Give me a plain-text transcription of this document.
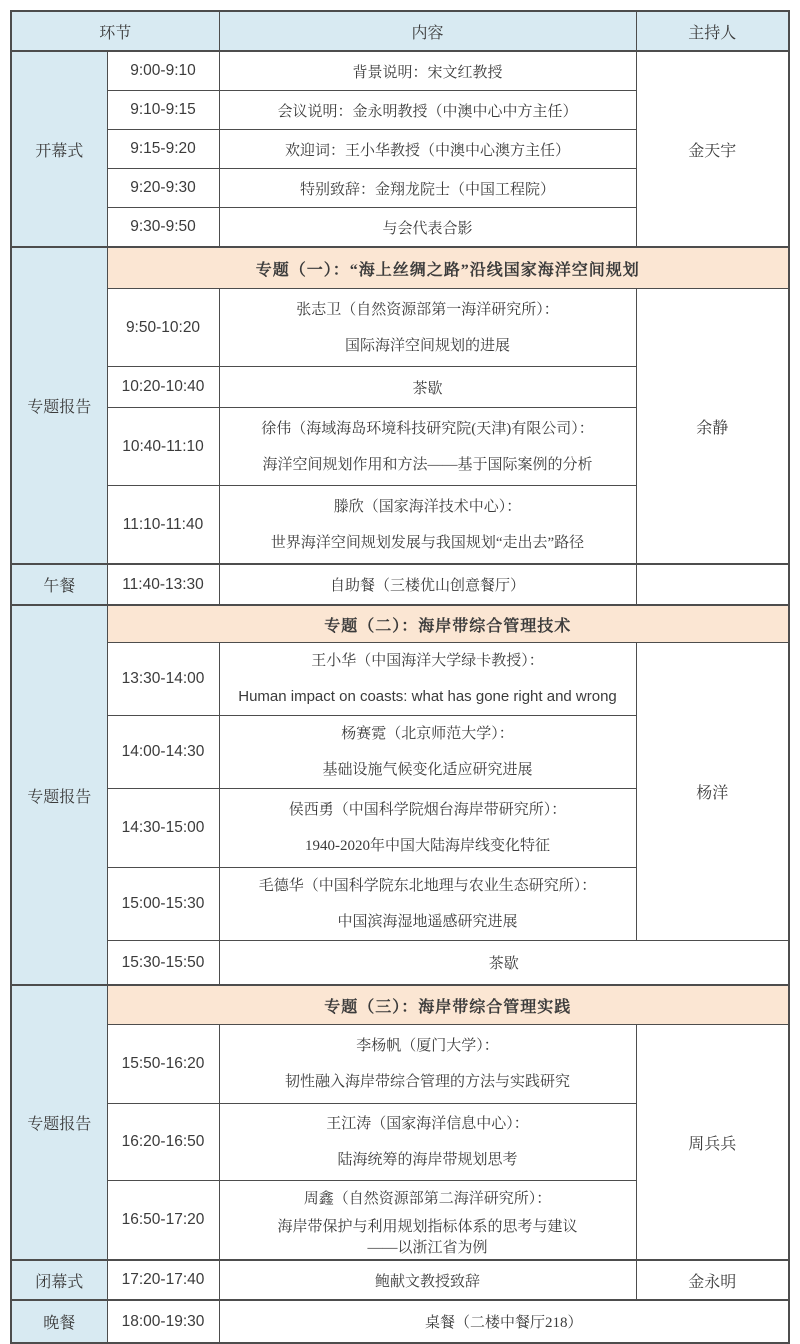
环节		内容	主持人
开幕式	9:00-9:10	背景说明：宋文红教授	金天宇
	9:10-9:15	会议说明：金永明教授（中澳中心中方主任）	
	9:15-9:20	欢迎词：王小华教授（中澳中心澳方主任）	
	9:20-9:30	特别致辞：金翔龙院士（中国工程院）	
	9:30-9:50	与会代表合影	
专题报告	专题（一）：“海上丝绸之路”沿线国家海洋空间规划		
	9:50-10:20	张志卫（自然资源部第一海洋研究所）：
国际海洋空间规划的进展	余静
	10:20-10:40	茶歇	
	10:40-11:10	徐伟（海域海岛环境科技研究院(天津)有限公司）：
海洋空间规划作用和方法——基于国际案例的分析	

	11:10-11:40	滕欣（国家海洋技术中心）：
世界海洋空间规划发展与我国规划“走出去”路径	

午餐	11:40-13:30	自助餐（三楼优山创意餐厅）	
专题报告	专题（二）：海岸带综合管理技术		
	13:30-14:00	王小华（中国海洋大学绿卡教授）：
Human impact on coasts: what has gone right and wrong	杨洋
	14:00-14:30	杨赛霓（北京师范大学）：
基础设施气候变化适应研究进展	

	14:30-15:00	侯西勇（中国科学院烟台海岸带研究所）：
1940-2020年中国大陆海岸线变化特征	

	15:00-15:30	毛德华（中国科学院东北地理与农业生态研究所）：
中国滨海湿地遥感研究进展	

	15:30-15:50	茶歇	
专题报告	专题（三）：海岸带综合管理实践		
	15:50-16:20	李杨帆（厦门大学）：
韧性融入海岸带综合管理的方法与实践研究	周兵兵
	16:20-16:50	王江涛（国家海洋信息中心）：
陆海统筹的海岸带规划思考	

	16:50-17:20	周鑫（自然资源部第二海洋研究所）：
海岸带保护与利用规划指标体系的思考与建议
——以浙江省为例	

闭幕式	17:20-17:40	鲍献文教授致辞	金永明
晚餐	18:00-19:30	桌餐（二楼中餐厅218）	
